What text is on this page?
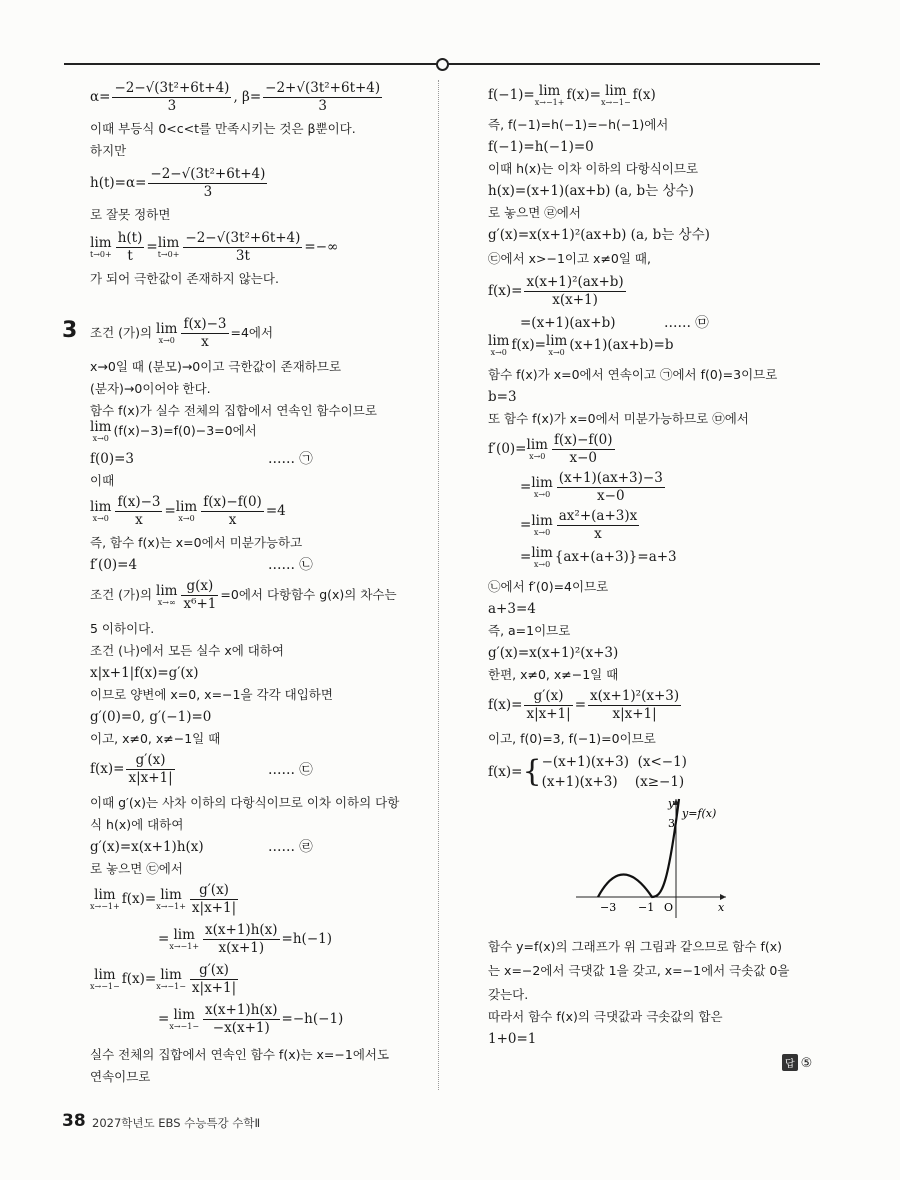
$\alpha= \frac{\text{−2−√(3t²+6t+4)}}{3}$ , $\beta= \frac{\text{−2+√(3t²+6t+4)}}{3}$
이때 부등식 0<c<t를 만족시키는 것은 β뿐이다.
하지만
$h(t)=\alpha= \frac{\text{−2−√(3t²+6t+4)}}{3}$
로 잘못 정하면
lim
$t\to 0+ \frac{h(t)}{t} =\lim$
$t\to 0+ \frac{\text{−2−√(3t²+6t+4)}}{3t}$ =−∞
가 되어 극한값이 존재하지 않는다.
3 조건 (가)의 lim
$x\to 0 \frac{f(x)-3}{x} =4$에서
x→0일 때 (분모)→0이고 극한값이 존재하므로
(분자)→0이어야 한다.
함수 f(x)가 실수 전체의 집합에서 연속인 함수이므로
lim
x→0
(f(x)−3)=f(0)−3=0에서
f(0)=3	…… ㉠
이때
lim
$x\to 0 \frac{f(x)-3}{x} =\lim$
$x\to 0 \frac{f(x)-f(0)}{x} =4$
즉, 함수 f(x)는 x=0에서 미분가능하고
f′(0)=4	…… ㉡
조건 (가)의 lim
$x\to\infty \frac{g(x)}{\text{x⁶+1}} =0$에서 다항함수 g(x)의 차수는
5 이하이다.
조건 (나)에서 모든 실수 x에 대하여
x|x+1|f(x)=g′(x)
이므로 양변에 x=0, x=−1을 각각 대입하면
g′(0)=0, g′(−1)=0
이고, x≠0, x≠−1일 때
$f(x)= \frac{g'(x)}{x|x+1|}$	…… ㉢
이때 g′(x)는 사차 이하의 다항식이므로 이차 이하의 다항
식 h(x)에 대하여
g′(x)=x(x+1)h(x)	…… ㉣
로 놓으면 ㉢에서
lim
x→−1+ f(x)= lim
$x\to-1+ \frac{g'(x)}{x|x+1|}$
= lim
$x\to-1+ \frac{x(x+1)h(x)}{x(x+1)} =h(-1)$
lim
x→−1− f(x)= lim
$x\to-1- \frac{g'(x)}{x|x+1|}$
= lim
$x\to-1- \frac{x(x+1)h(x)}{-x(x+1)} =-h(-1)$
실수 전체의 집합에서 연속인 함수 f(x)는 x=−1에서도
연속이므로
f(−1)= lim
x→−1+ f(x)= lim
x→−1− f(x)
즉, f(−1)=h(−1)=−h(−1)에서
f(−1)=h(−1)=0
이때 h(x)는 이차 이하의 다항식이므로
h(x)=(x+1)(ax+b) (a, b는 상수)
로 놓으면 ㉣에서
g′(x)=x(x+1)²(ax+b) (a, b는 상수)
㉢에서 x>−1이고 x≠0일 때,
$f(x)= \frac{\text{x(x+1)²(ax+b)}}{x(x+1)}$
=(x+1)(ax+b)	…… ㉤
lim
x→0 f(x)=lim
x→0 (x+1)(ax+b)=b
함수 f(x)가 x=0에서 연속이고 ㉠에서 f(0)=3이므로
b=3
또 함수 f(x)가 x=0에서 미분가능하므로 ㉤에서
f′(0)=lim
$x\to 0 \frac{f(x)-f(0)}{x-0}$
=lim
$x\to 0 \frac{(x+1)(ax+3)-3}{x-0}$
=lim
$x\to 0 \frac{\text{ax²+(a+3)x}}{x}$
=lim
x→0 {ax+(a+3)}=a+3
㉡에서 f′(0)=4이므로
a+3=4
즉, a=1이므로
g′(x)=x(x+1)²(x+3)
한편, x≠0, x≠−1일 때
$f(x)= \frac{g'(x)}{x|x+1|} = \frac{\text{x(x+1)²(x+3)}}{x|x+1|}$
이고, f(0)=3, f(−1)=0이므로
f(x)={ −(x+1)(x+3) (x<−1)
(x+1)(x+3) (x≥−1)
y
y=f(x)
3
−3 −1 O	x
함수 y=f(x)의 그래프가 위 그림과 같으므로 함수 f(x)
는 x=−2에서 극댓값 1을 갖고, x=−1에서 극솟값 0을
갖는다.
따라서 함수 f(x)의 극댓값과 극솟값의 합은
1+0=1
답 ⑤
38 2027학년도 EBS 수능특강 수학Ⅱ
